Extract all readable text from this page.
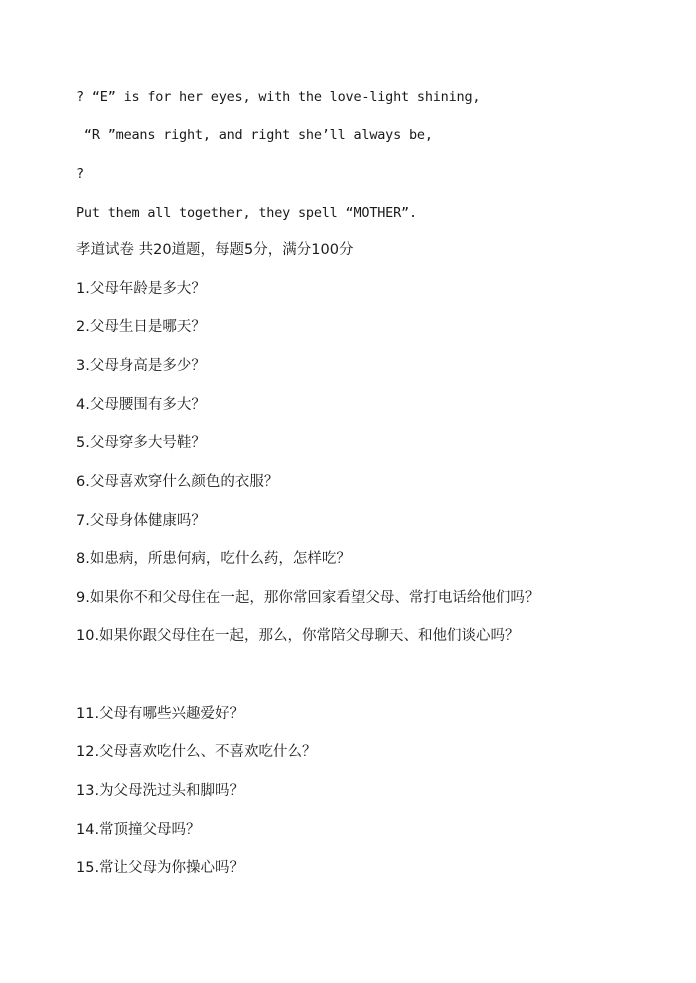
? “E” is for her eyes, with the love-light shining,
“R ”means right, and right she’ll always be,
?
Put them all together, they spell “MOTHER”.
孝道试卷 共20道题，每题5分，满分100分
1.父母年龄是多大？
2.父母生日是哪天？
3.父母身高是多少？
4.父母腰围有多大？
5.父母穿多大号鞋？
6.父母喜欢穿什么颜色的衣服？
7.父母身体健康吗？
8.如患病，所患何病，吃什么药，怎样吃？
9.如果你不和父母住在一起，那你常回家看望父母、常打电话给他们吗？
10.如果你跟父母住在一起，那么，你常陪父母聊天、和他们谈心吗？
11.父母有哪些兴趣爱好？
12.父母喜欢吃什么、不喜欢吃什么？
13.为父母洗过头和脚吗？
14.常顶撞父母吗？
15.常让父母为你操心吗？
